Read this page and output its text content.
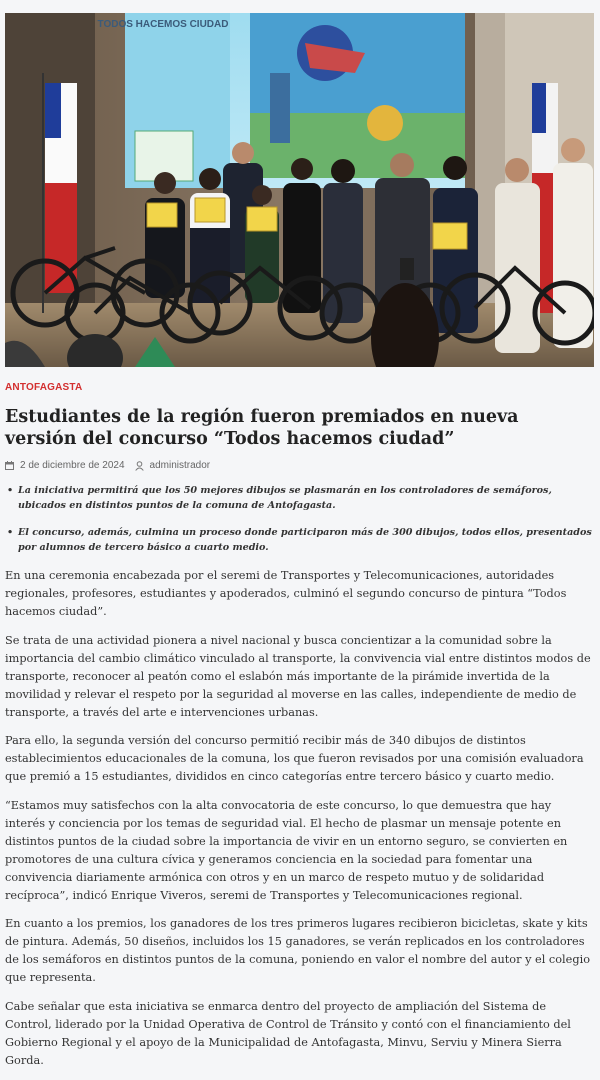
TODOS HACEMOS CIUDAD
ANTOFAGASTA
Estudiantes de la región fueron premiados en nueva versión del concurso “Todos hacemos ciudad”
2 de diciembre de 2024	administrador
• La iniciativa permitirá que los 50 mejores dibujos se plasmarán en los controladores de semáforos, ubicados en distintos puntos de la comuna de Antofagasta.
• El concurso, además, culmina un proceso donde participaron más de 300 dibujos, todos ellos, presentados por alumnos de tercero básico a cuarto medio.

En una ceremonia encabezada por el seremi de Transportes y Telecomunicaciones, autoridades regionales, profesores, estudiantes y apoderados, culminó el segundo concurso de pintura “Todos hacemos ciudad”.

Se trata de una actividad pionera a nivel nacional y busca concientizar a la comunidad sobre la importancia del cambio climático vinculado al transporte, la convivencia vial entre distintos modos de transporte, reconocer al peatón como el eslabón más importante de la pirámide invertida de la movilidad y relevar el respeto por la seguridad al moverse en las calles, independiente de medio de transporte, a través del arte e intervenciones urbanas.

Para ello, la segunda versión del concurso permitió recibir más de 340 dibujos de distintos establecimientos educacionales de la comuna, los que fueron revisados por una comisión evaluadora que premió a 15 estudiantes, divididos en cinco categorías entre tercero básico y cuarto medio.

“Estamos muy satisfechos con la alta convocatoria de este concurso, lo que demuestra que hay interés y conciencia por los temas de seguridad vial. El hecho de plasmar un mensaje potente en distintos puntos de la ciudad sobre la importancia de vivir en un entorno seguro, se convierten en promotores de una cultura cívica y generamos conciencia en la sociedad para fomentar una convivencia diariamente armónica con otros y en un marco de respeto mutuo y de solidaridad recíproca”, indicó Enrique Viveros, seremi de Transportes y Telecomunicaciones regional.

En cuanto a los premios, los ganadores de los tres primeros lugares recibieron bicicletas, skate y kits de pintura. Además, 50 diseños, incluidos los 15 ganadores, se verán replicados en los controladores de los semáforos en distintos puntos de la comuna, poniendo en valor el nombre del autor y el colegio que representa.

Cabe señalar que esta iniciativa se enmarca dentro del proyecto de ampliación del Sistema de Control, liderado por la Unidad Operativa de Control de Tránsito y contó con el financiamiento del Gobierno Regional y el apoyo de la Municipalidad de Antofagasta, Minvu, Serviu y Minera Sierra Gorda.
